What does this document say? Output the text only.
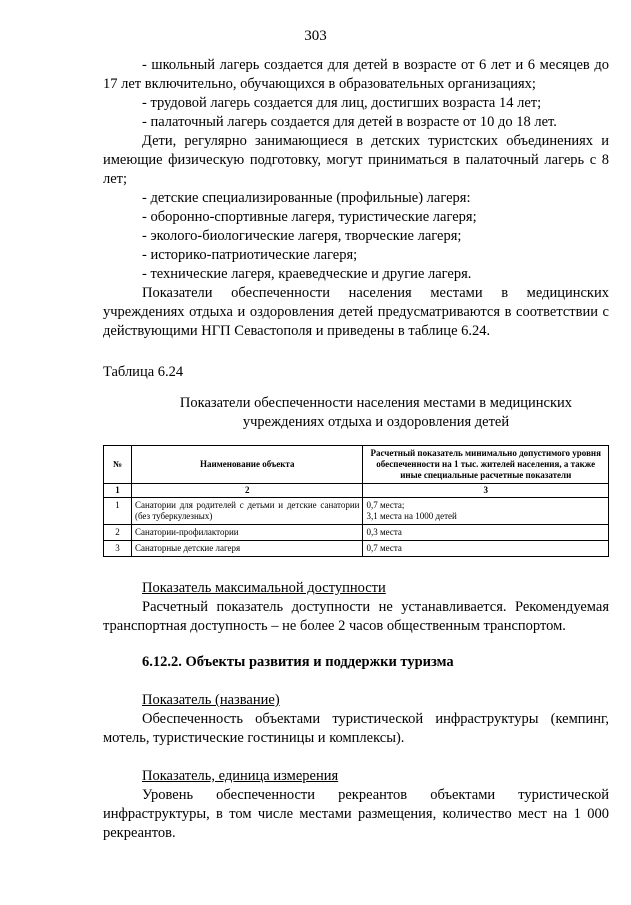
303

- школьный лагерь создается для детей в возрасте от 6 лет и 6 месяцев до 17 лет включительно, обучающихся в образовательных организациях;

- трудовой лагерь создается для лиц, достигших возраста 14 лет;

- палаточный лагерь создается для детей в возрасте от 10 до 18 лет.

Дети, регулярно занимающиеся в детских туристских объединениях и имеющие физическую подготовку, могут приниматься в палаточный лагерь с 8 лет;

- детские специализированные (профильные) лагеря:

- оборонно-спортивные лагеря, туристические лагеря;

- эколого-биологические лагеря, творческие лагеря;

- историко-патриотические лагеря;

- технические лагеря, краеведческие и другие лагеря.

Показатели обеспеченности населения местами в медицинских учреждениях отдыха и оздоровления детей предусматриваются в соответствии с действующими НГП Севастополя и приведены в таблице 6.24.

Таблица 6.24

Показатели обеспеченности населения местами в медицинских
учреждениях отдыха и оздоровления детей
№	Наименование объекта	Расчетный показатель минимально допустимого уровня обеспеченности на 1 тыс. жителей населения, а также иные специальные расчетные показатели
1	2	3
1	Санатории для родителей с детьми и детские санатории (без туберкулезных)	0,7 места;
3,1 места на 1000 детей

2	Санатории-профилактории	0,3 места

3	Санаторные детские лагеря	0,7 места

Показатель максимальной доступности

Расчетный показатель доступности не устанавливается. Рекомендуемая транспортная доступность – не более 2 часов общественным транспортом.

6.12.2. Объекты развития и поддержки туризма

Показатель (название)

Обеспеченность объектами туристической инфраструктуры (кемпинг, мотель, туристические гостиницы и комплексы).

Показатель, единица измерения

Уровень обеспеченности рекреантов объектами туристической инфраструктуры, в том числе местами размещения, количество мест на 1 000 рекреантов.
